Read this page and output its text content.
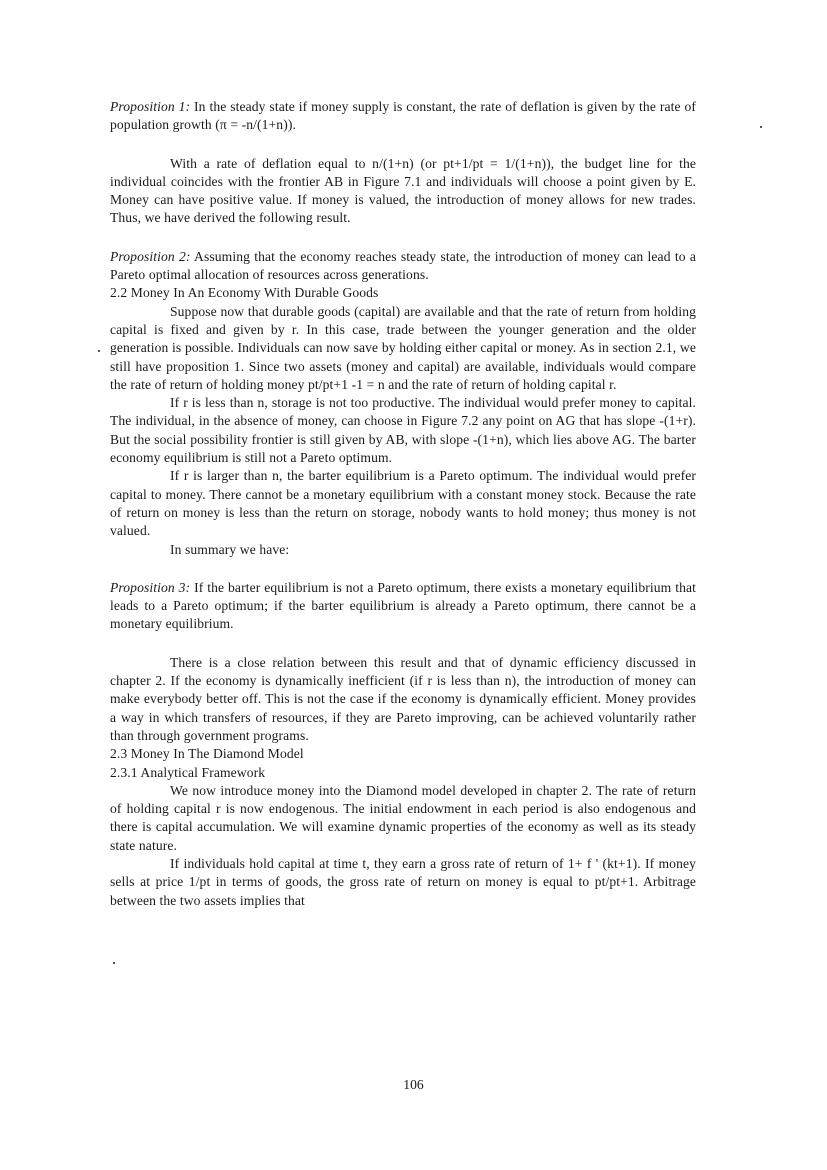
Proposition 1: In the steady state if money supply is constant, the rate of deflation is given by the rate of population growth (π = -n/(1+n)).

With a rate of deflation equal to n/(1+n) (or pt+1/pt = 1/(1+n)), the budget line for the individual coincides with the frontier AB in Figure 7.1 and individuals will choose a point given by E. Money can have positive value. If money is valued, the introduction of money allows for new trades. Thus, we have derived the following result.

Proposition 2: Assuming that the economy reaches steady state, the introduction of money can lead to a Pareto optimal allocation of resources across generations.

2.2 Money In An Economy With Durable Goods

Suppose now that durable goods (capital) are available and that the rate of return from holding capital is fixed and given by r. In this case, trade between the younger generation and the older generation is possible. Individuals can now save by holding either capital or money. As in section 2.1, we still have proposition 1. Since two assets (money and capital) are available, individuals would compare the rate of return of holding money pt/pt+1 -1 = n and the rate of return of holding capital r.

If r is less than n, storage is not too productive. The individual would prefer money to capital. The individual, in the absence of money, can choose in Figure 7.2 any point on AG that has slope -(1+r). But the social possibility frontier is still given by AB, with slope -(1+n), which lies above AG. The barter economy equilibrium is still not a Pareto optimum.

If r is larger than n, the barter equilibrium is a Pareto optimum. The individual would prefer capital to money. There cannot be a monetary equilibrium with a constant money stock. Because the rate of return on money is less than the return on storage, nobody wants to hold money; thus money is not valued.

In summary we have:

Proposition 3: If the barter equilibrium is not a Pareto optimum, there exists a monetary equilibrium that leads to a Pareto optimum; if the barter equilibrium is already a Pareto optimum, there cannot be a monetary equilibrium.

There is a close relation between this result and that of dynamic efficiency discussed in chapter 2. If the economy is dynamically inefficient (if r is less than n), the introduction of money can make everybody better off. This is not the case if the economy is dynamically efficient. Money provides a way in which transfers of resources, if they are Pareto improving, can be achieved voluntarily rather than through government programs.

2.3 Money In The Diamond Model

2.3.1 Analytical Framework

We now introduce money into the Diamond model developed in chapter 2. The rate of return of holding capital r is now endogenous. The initial endowment in each period is also endogenous and there is capital accumulation. We will examine dynamic properties of the economy as well as its steady state nature.

If individuals hold capital at time t, they earn a gross rate of return of 1+ f ' (kt+1). If money sells at price 1/pt in terms of goods, the gross rate of return on money is equal to pt/pt+1. Arbitrage between the two assets implies that

106
